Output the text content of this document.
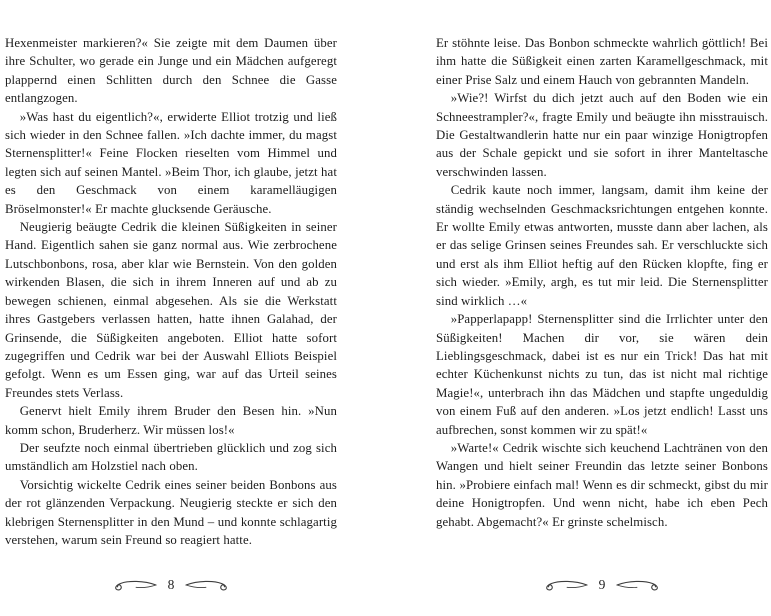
Hexenmeister markieren?« Sie zeigte mit dem Daumen über ihre Schulter, wo gerade ein Junge und ein Mädchen aufgeregt plappernd einen Schlitten durch den Schnee die Gasse entlangzogen.

»Was hast du eigentlich?«, erwiderte Elliot trotzig und ließ sich wieder in den Schnee fallen. »Ich dachte immer, du magst Sternensplitter!« Feine Flocken rieselten vom Himmel und legten sich auf seinen Mantel. »Beim Thor, ich glaube, jetzt hat es den Geschmack von einem karamelläugigen Bröselmonster!« Er machte glucksende Geräusche.

Neugierig beäugte Cedrik die kleinen Süßigkeiten in seiner Hand. Eigentlich sahen sie ganz normal aus. Wie zerbrochene Lutschbonbons, rosa, aber klar wie Bernstein. Von den golden wirkenden Blasen, die sich in ihrem Inneren auf und ab zu bewegen schienen, einmal abgesehen. Als sie die Werkstatt ihres Gastgebers verlassen hatten, hatte ihnen Galahad, der Grinsende, die Süßigkeiten angeboten. Elliot hatte sofort zugegriffen und Cedrik war bei der Auswahl Elliots Beispiel gefolgt. Wenn es um Essen ging, war auf das Urteil seines Freundes stets Verlass.

Genervt hielt Emily ihrem Bruder den Besen hin. »Nun komm schon, Bruderherz. Wir müssen los!«

Der seufzte noch einmal übertrieben glücklich und zog sich umständlich am Holzstiel nach oben.

Vorsichtig wickelte Cedrik eines seiner beiden Bonbons aus der rot glänzenden Verpackung. Neugierig steckte er sich den klebrigen Sternensplitter in den Mund – und konnte schlagartig verstehen, warum sein Freund so reagiert hatte.

8

Er stöhnte leise. Das Bonbon schmeckte wahrlich göttlich! Bei ihm hatte die Süßigkeit einen zarten Karamellgeschmack, mit einer Prise Salz und einem Hauch von gebrannten Mandeln.

»Wie?! Wirfst du dich jetzt auch auf den Boden wie ein Schneestrampler?«, fragte Emily und beäugte ihn misstrauisch. Die Gestaltwandlerin hatte nur ein paar winzige Honigtropfen aus der Schale gepickt und sie sofort in ihrer Manteltasche verschwinden lassen.

Cedrik kaute noch immer, langsam, damit ihm keine der ständig wechselnden Geschmacksrichtungen entgehen konnte. Er wollte Emily etwas antworten, musste dann aber lachen, als er das selige Grinsen seines Freundes sah. Er verschluckte sich und erst als ihm Elliot heftig auf den Rücken klopfte, fing er sich wieder. »Emily, argh, es tut mir leid. Die Sternensplitter sind wirklich …«

»Papperlapapp! Sternensplitter sind die Irrlichter unter den Süßigkeiten! Machen dir vor, sie wären dein Lieblingsgeschmack, dabei ist es nur ein Trick! Das hat mit echter Küchenkunst nichts zu tun, das ist nicht mal richtige Magie!«, unterbrach ihn das Mädchen und stapfte ungeduldig von einem Fuß auf den anderen. »Los jetzt endlich! Lasst uns aufbrechen, sonst kommen wir zu spät!«

»Warte!« Cedrik wischte sich keuchend Lachtränen von den Wangen und hielt seiner Freundin das letzte seiner Bonbons hin. »Probiere einfach mal! Wenn es dir schmeckt, gibst du mir deine Honigtropfen. Und wenn nicht, habe ich eben Pech gehabt. Abgemacht?« Er grinste schelmisch.

9
